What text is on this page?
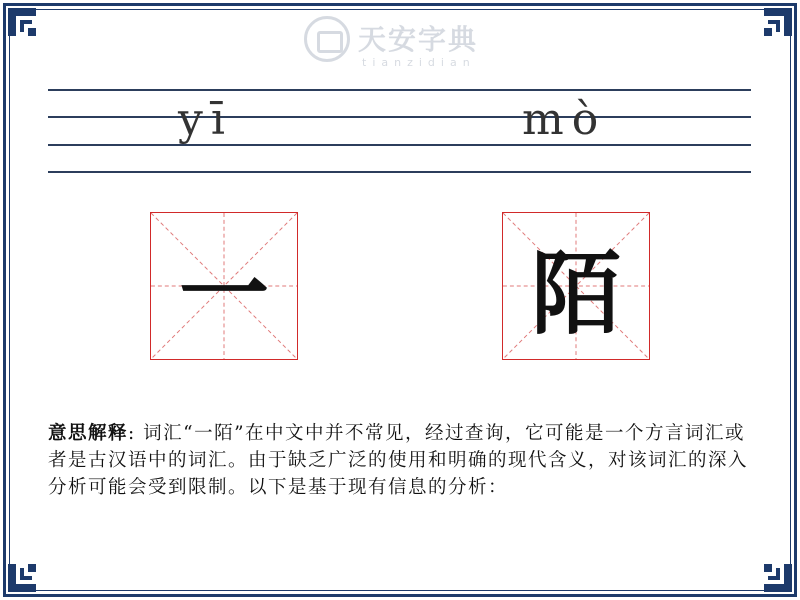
天安字典
tianzidian
yī	mò
一	陌
意思解释: 词汇“一陌”在中文中并不常见，经过查询，它可能是一个方言词汇或者是古汉语中的词汇。由于缺乏广泛的使用和明确的现代含义，对该词汇的深入分析可能会受到限制。以下是基于现有信息的分析：
